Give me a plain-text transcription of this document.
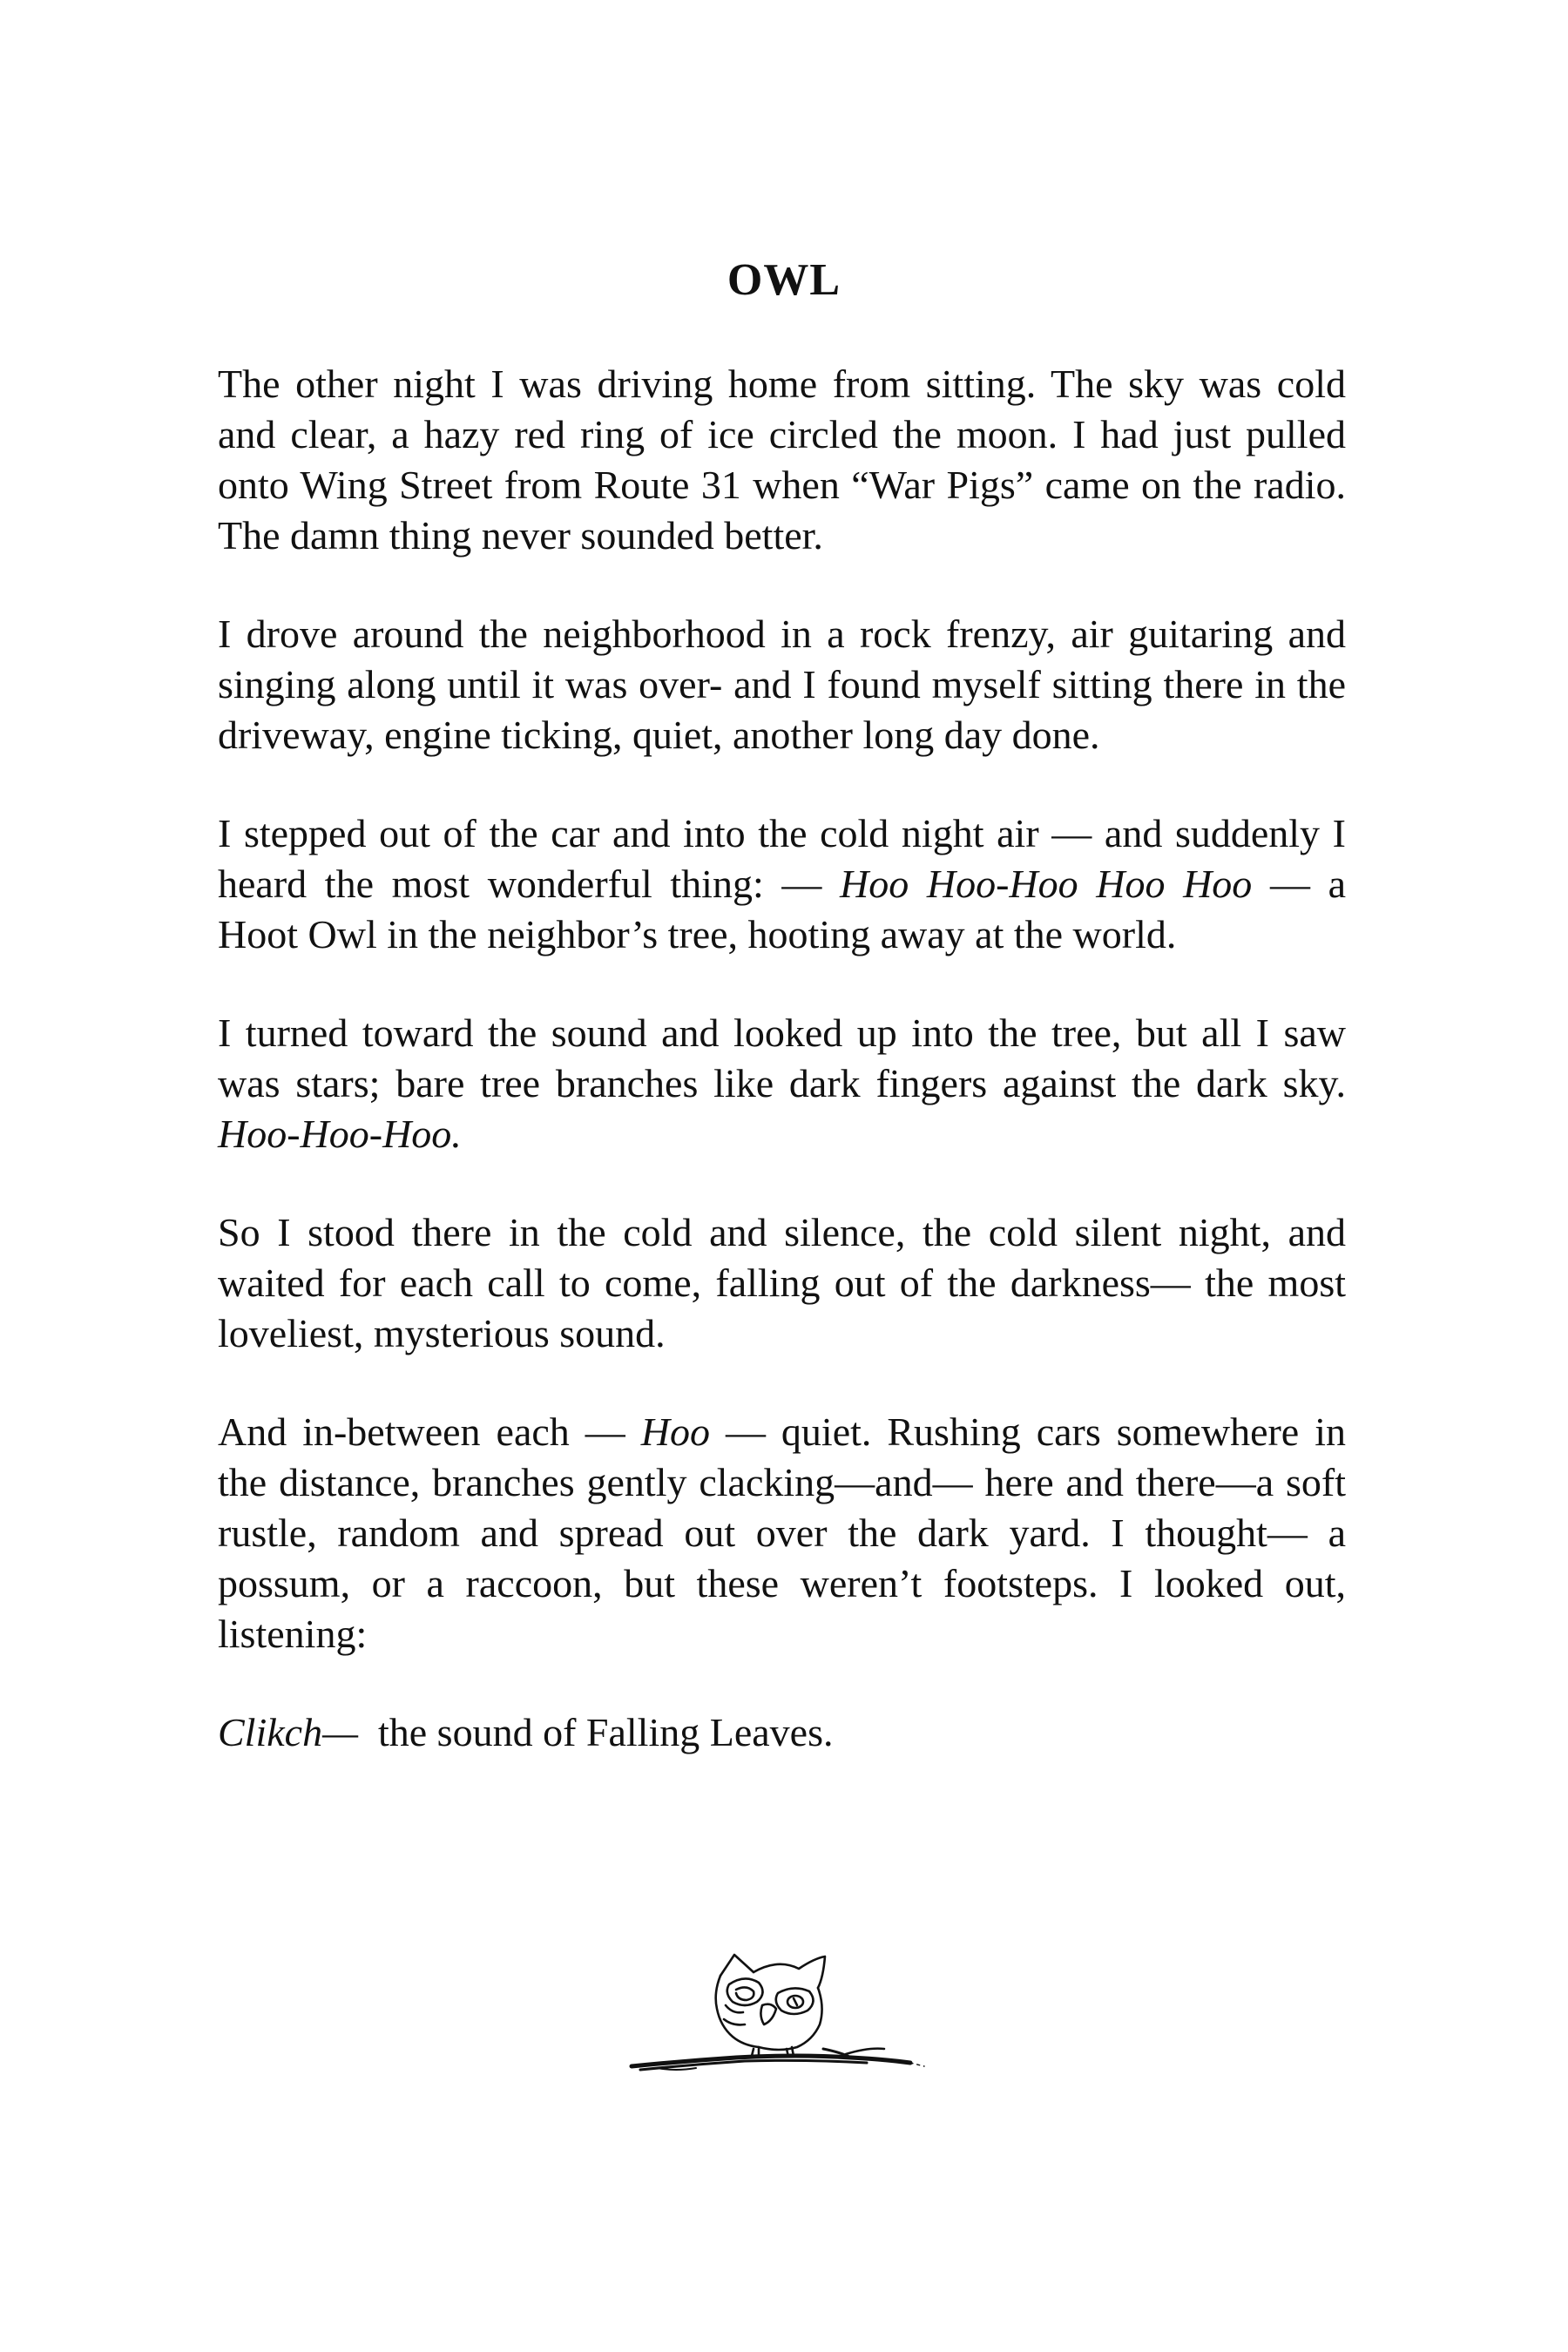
OWL

The other night I was driving home from sitting. The sky was cold and clear, a hazy red ring of ice circled the moon. I had just pulled onto Wing Street from Route 31 when “War Pigs” came on the radio. The damn thing never sounded better.

I drove around the neighborhood in a rock frenzy, air guitaring and singing along until it was over- and I found myself sitting there in the driveway, engine ticking, quiet, another long day done.

I stepped out of the car and into the cold night air — and suddenly I heard the most wonderful thing: — Hoo Hoo-Hoo Hoo Hoo — a Hoot Owl in the neighbor’s tree, hooting away at the world.

I turned toward the sound and looked up into the tree, but all I saw was stars; bare tree branches like dark fingers against the dark sky. Hoo-Hoo-Hoo.

So I stood there in the cold and silence, the cold silent night, and waited for each call to come, falling out of the darkness— the most loveliest, mysterious sound.

And in-between each — Hoo — quiet. Rushing cars somewhere in the distance, branches gently clacking—and— here and there—a soft rustle, random and spread out over the dark yard. I thought— a possum, or a raccoon, but these weren’t footsteps. I looked out, listening:

Clikch—  the sound of Falling Leaves.
